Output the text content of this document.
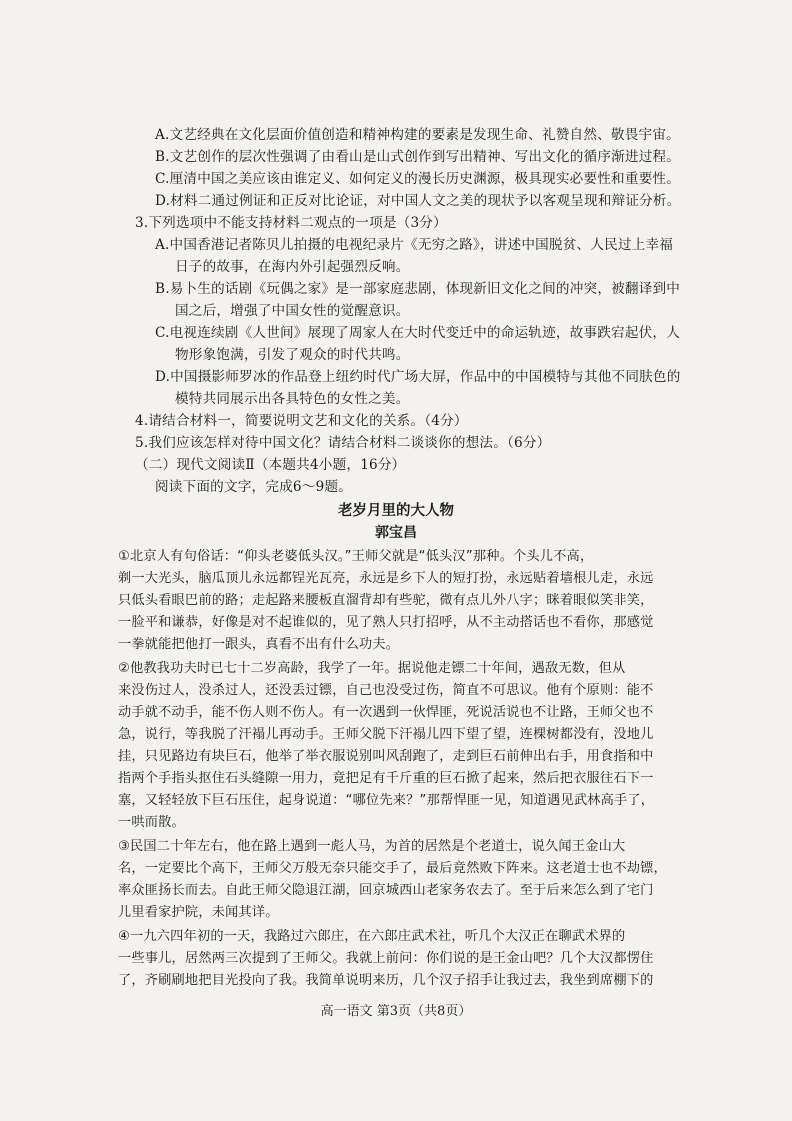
A.文艺经典在文化层面价值创造和精神构建的要素是发现生命、礼赞自然、敬畏宇宙。
B.文艺创作的层次性强调了由看山是山式创作到写出精神、写出文化的循序渐进过程。
C.厘清中国之美应该由谁定义、如何定义的漫长历史渊源，极具现实必要性和重要性。
D.材料二通过例证和正反对比论证，对中国人文之美的现状予以客观呈现和辩证分析。
3.下列选项中不能支持材料二观点的一项是（3分）
A.中国香港记者陈贝儿拍摄的电视纪录片《无穷之路》，讲述中国脱贫、人民过上幸福
日子的故事，在海内外引起强烈反响。
B.易卜生的话剧《玩偶之家》是一部家庭悲剧，体现新旧文化之间的冲突，被翻译到中
国之后，增强了中国女性的觉醒意识。
C.电视连续剧《人世间》展现了周家人在大时代变迁中的命运轨迹，故事跌宕起伏，人
物形象饱满，引发了观众的时代共鸣。
D.中国摄影师罗冰的作品登上纽约时代广场大屏，作品中的中国模特与其他不同肤色的
模特共同展示出各具特色的女性之美。
4.请结合材料一，简要说明文艺和文化的关系。（4分）
5.我们应该怎样对待中国文化？请结合材料二谈谈你的想法。（6分）
（二）现代文阅读Ⅱ（本题共4小题，16分）
阅读下面的文字，完成6～9题。
老岁月里的大人物
郭宝昌
①北京人有句俗话：“仰头老婆低头汉。”王师父就是“低头汉”那种。个头儿不高，
剃一大光头，脑瓜顶儿永远都锃光瓦亮，永远是乡下人的短打扮，永远贴着墙根儿走，永远
只低头看眼巴前的路；走起路来腰板直溜背却有些驼，微有点儿外八字；眯着眼似笑非笑，
一脸平和谦恭，好像是对不起谁似的，见了熟人只打招呼，从不主动搭话也不看你，那感觉
一拳就能把他打一跟头，真看不出有什么功夫。
②他教我功夫时已七十二岁高龄，我学了一年。据说他走镖二十年间，遇敌无数，但从
来没伤过人，没杀过人，还没丢过镖，自己也没受过伤，简直不可思议。他有个原则：能不
动手就不动手，能不伤人则不伤人。有一次遇到一伙悍匪，死说活说也不让路，王师父也不
急，说行，等我脱了汗褟儿再动手。王师父脱下汗褟儿四下望了望，连棵树都没有，没地儿
挂，只见路边有块巨石，他举了举衣服说别叫风刮跑了，走到巨石前伸出右手，用食指和中
指两个手指头抠住石头缝隙一用力，竟把足有千斤重的巨石掀了起来，然后把衣服往石下一
塞，又轻轻放下巨石压住，起身说道：“哪位先来？”那帮悍匪一见，知道遇见武林高手了，
一哄而散。
③民国二十年左右，他在路上遇到一彪人马，为首的居然是个老道士，说久闻王金山大
名，一定要比个高下，王师父万般无奈只能交手了，最后竟然败下阵来。这老道士也不劫镖，
率众匪扬长而去。自此王师父隐退江湖，回京城西山老家务农去了。至于后来怎么到了宅门
儿里看家护院，未闻其详。
④一九六四年初的一天，我路过六郎庄，在六郎庄武术社，听几个大汉正在聊武术界的
一些事儿，居然两三次提到了王师父。我就上前问：你们说的是王金山吧？几个大汉都愣住
了，齐刷刷地把目光投向了我。我简单说明来历，几个汉子招手让我过去，我坐到席棚下的
高一语文 第3页（共8页）
